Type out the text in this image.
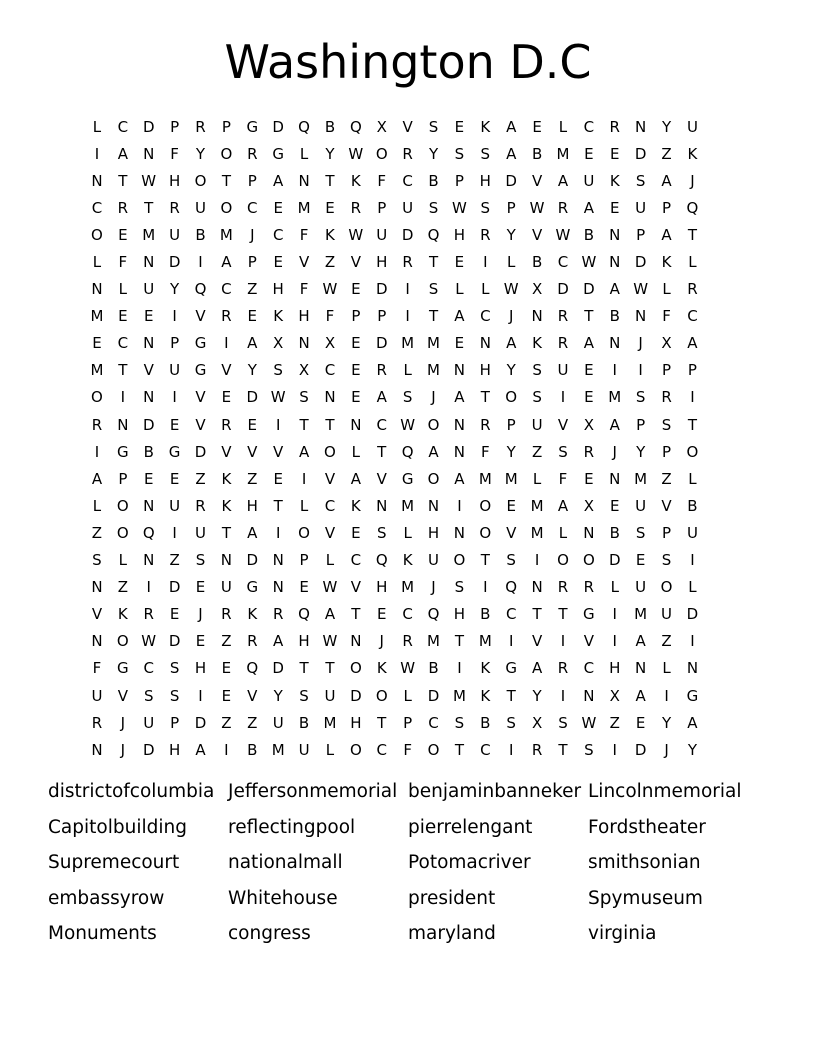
Washington D.C
L	C D	P	R	P	G D Q B Q X	V	S	E	K	A	E	L	C	R	N	Y	U
I	A	N	F	Y	O R G	L	Y W O R	Y	S	S	A	B M E	E	D Z	K
N	T W H O	T	P	A	N	T	K	F	C	B	P	H D V	A	U	K	S	A	J
C	R	T	R	U O C	E M E	R	P	U	S W S	P W R	A	E	U	P	Q
O	E M U	B M	J	C	F	K W U D Q H	R	Y	V W B	N	P	A	T
L	F	N D	I	A	P	E	V	Z	V	H	R	T	E	I	L	B	C W N D	K	L
N	L	U	Y	Q C	Z	H	F W E	D	I	S	L	L W X D D A W L	R
M E	E	I	V	R	E	K	H	F	P	P	I	T	A	C	J	N	R	T	B	N	F	C
E	C	N	P	G	I	A	X	N	X	E	D M M E	N	A	K	R	A	N	J	X	A
M T	V	U G V	Y	S	X	C	E	R	L	M N H	Y	S	U	E	I	I	P	P
O	I	N	I	V	E	D W S	N	E	A	S	J	A	T	O	S	I	E M S	R	I
R	N D	E	V	R	E	I	T	T	N	C W O N	R	P	U	V	X	A	P	S	T
I	G B G D V	V	V	A O	L	T	Q A	N	F	Y	Z	S	R	J	Y	P	O
A	P	E	E	Z	K	Z	E	I	V	A	V G O A M M	L	F	E	N M Z	L
L	O N U	R	K	H	T	L	C	K	N M N	I	O	E M A	X	E	U	V	B
Z O Q	I	U	T	A	I	O V	E	S	L	H N O V M	L	N	B	S	P	U
S	L	N	Z	S	N D N	P	L	C Q	K	U O	T	S	I	O O D	E	S	I
N	Z	I	D	E	U G N	E W V	H M	J	S	I	Q N	R	R	L	U O	L
V	K	R	E	J	R	K	R Q A	T	E	C Q H	B	C	T	T	G	I	M U D
N O W D	E	Z	R	A	H W N	J	R M T M	I	V	I	V	I	A	Z	I
F	G C	S	H	E	Q D	T	T	O	K W B	I	K	G A	R	C	H N	L	N
U	V	S	S	I	E	V	Y	S	U D O	L	D M K	T	Y	I	N	X	A	I	G
R	J	U	P	D Z	Z	U	B M H	T	P	C	S	B	S	X	S W Z	E	Y	A
N	J	D H	A	I	B M U	L	O C	F	O	T	C	I	R	T	S	I	D	J	Y
districtofcolumbia Jeffersonmemorial benjaminbanneker Lincolnmemorial
Capitolbuilding	reflectingpool	pierrelengant	Fordstheater
Supremecourt	nationalmall	Potomacriver	smithsonian
embassyrow	Whitehouse	president	Spymuseum
Monuments	congress	maryland	virginia
